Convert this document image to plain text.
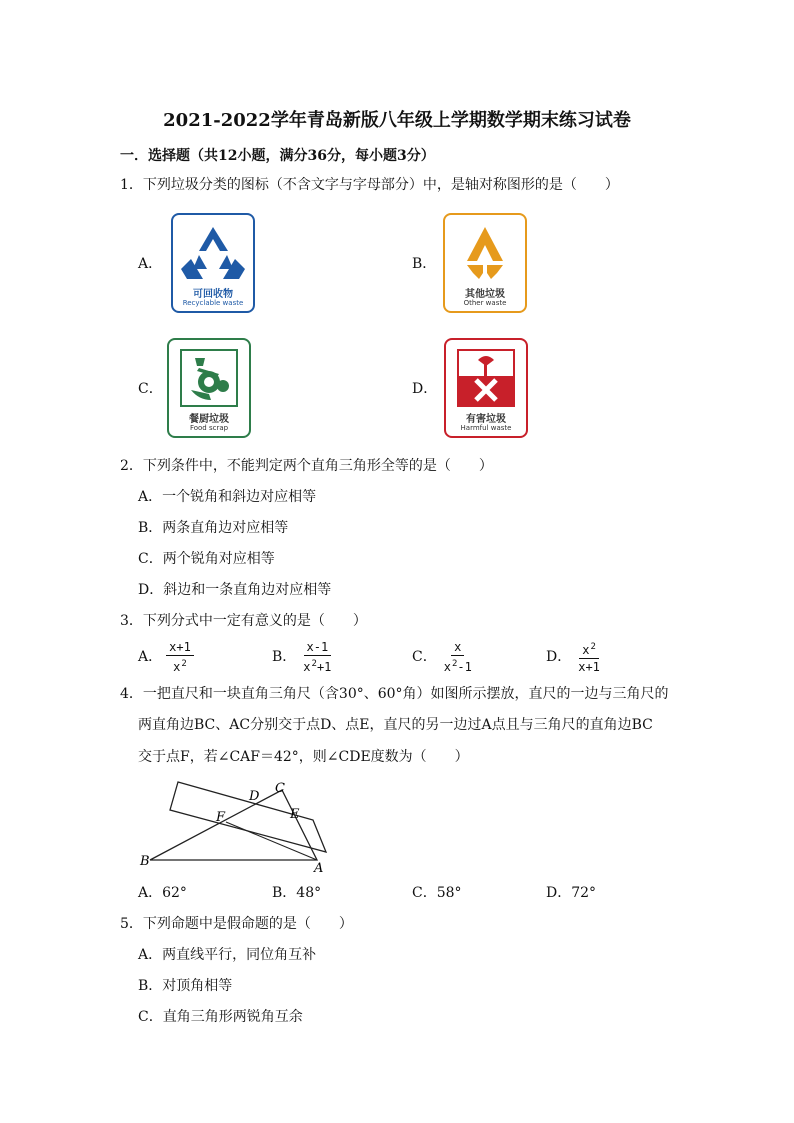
2021-2022学年青岛新版八年级上学期数学期末练习试卷
一．选择题（共12小题，满分36分，每小题3分）
1．下列垃圾分类的图标（不含文字与字母部分）中，是轴对称图形的是（　　）
A．
可回收物
Recyclable waste
B．
其他垃圾
Other waste
C．
餐厨垃圾
Food scrap
D．
有害垃圾
Harmful waste
2．下列条件中，不能判定两个直角三角形全等的是（　　）
A．一个锐角和斜边对应相等
B．两条直角边对应相等
C．两个锐角对应相等
D．斜边和一条直角边对应相等
3．下列分式中一定有意义的是（　　）
A． $\frac{x+1}{x^2}$	B． $\frac{x-1}{x^2+1}$	C． $\frac{x}{x^2-1}$	D． $\frac{x^2}{x+1}$
4．一把直尺和一块直角三角尺（含30°、60°角）如图所示摆放，直尺的一边与三角尺的
两直角边BC、AC分别交于点D、点E，直尺的另一边过A点且与三角尺的直角边BC
交于点F，若∠CAF＝42°，则∠CDE度数为（　　）
B
F
D
C
E
A
A．62°	B．48°	C．58°	D．72°
5．下列命题中是假命题的是（　　）
A．两直线平行，同位角互补
B．对顶角相等
C．直角三角形两锐角互余
